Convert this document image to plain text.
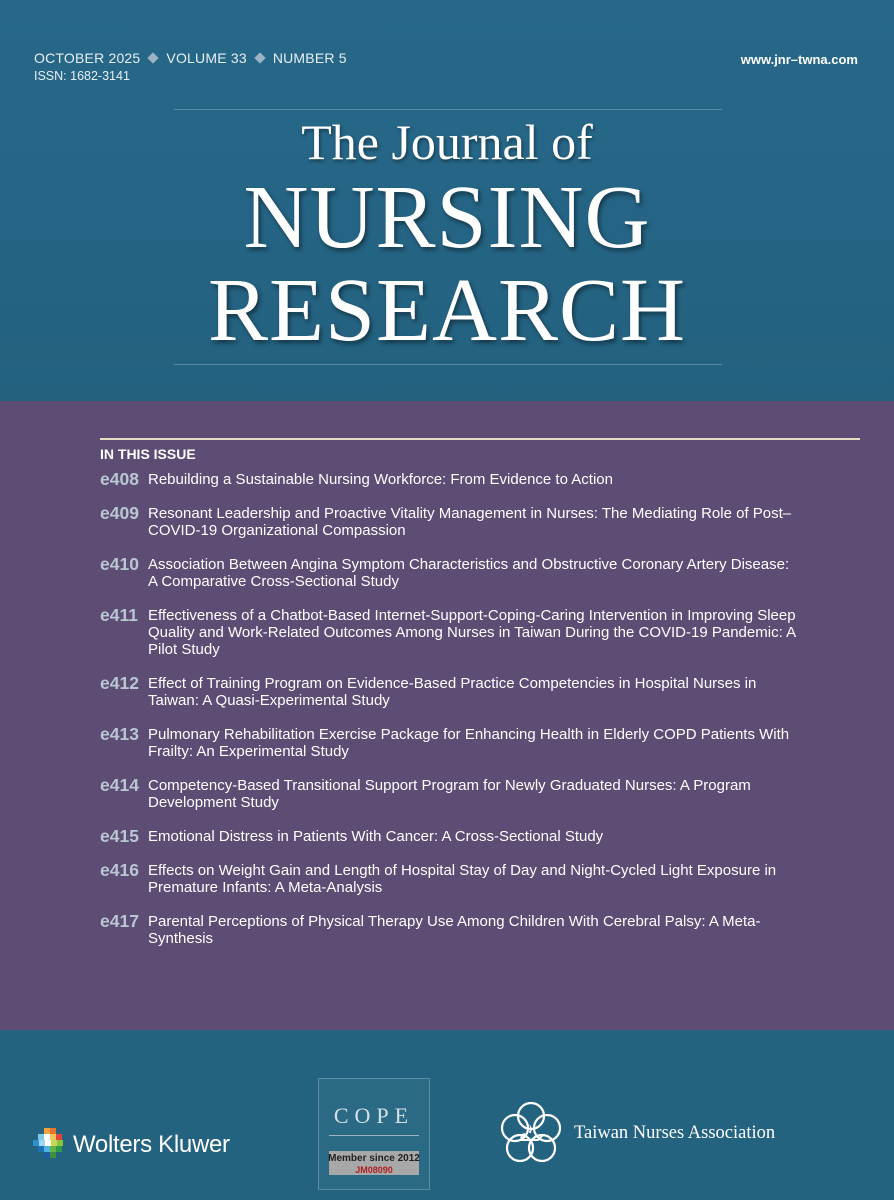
OCTOBER 2025 VOLUME 33 NUMBER 5
ISSN: 1682-3141
www.jnr–twna.com
The Journal of
NURSING
RESEARCH
IN THIS ISSUE
e408 Rebuilding a Sustainable Nursing Workforce: From Evidence to Action
e409 Resonant Leadership and Proactive Vitality Management in Nurses: The Mediating Role of Post–COVID-19 Organizational Compassion
e410 Association Between Angina Symptom Characteristics and Obstructive Coronary Artery Disease: A Comparative Cross-Sectional Study
e411 Effectiveness of a Chatbot-Based Internet-Support-Coping-Caring Intervention in Improving Sleep Quality and Work-Related Outcomes Among Nurses in Taiwan During the COVID-19 Pandemic: A Pilot Study
e412 Effect of Training Program on Evidence-Based Practice Competencies in Hospital Nurses in Taiwan: A Quasi-Experimental Study
e413 Pulmonary Rehabilitation Exercise Package for Enhancing Health in Elderly COPD Patients With Frailty: An Experimental Study
e414 Competency-Based Transitional Support Program for Newly Graduated Nurses: A Program Development Study
e415 Emotional Distress in Patients With Cancer: A Cross-Sectional Study
e416 Effects on Weight Gain and Length of Hospital Stay of Day and Night-Cycled Light Exposure in Premature Infants: A Meta-Analysis
e417 Parental Perceptions of Physical Therapy Use Among Children With Cerebral Palsy: A Meta-Synthesis
Wolters Kluwer
COPE
Member since 2012
JM08090
Taiwan Nurses Association
